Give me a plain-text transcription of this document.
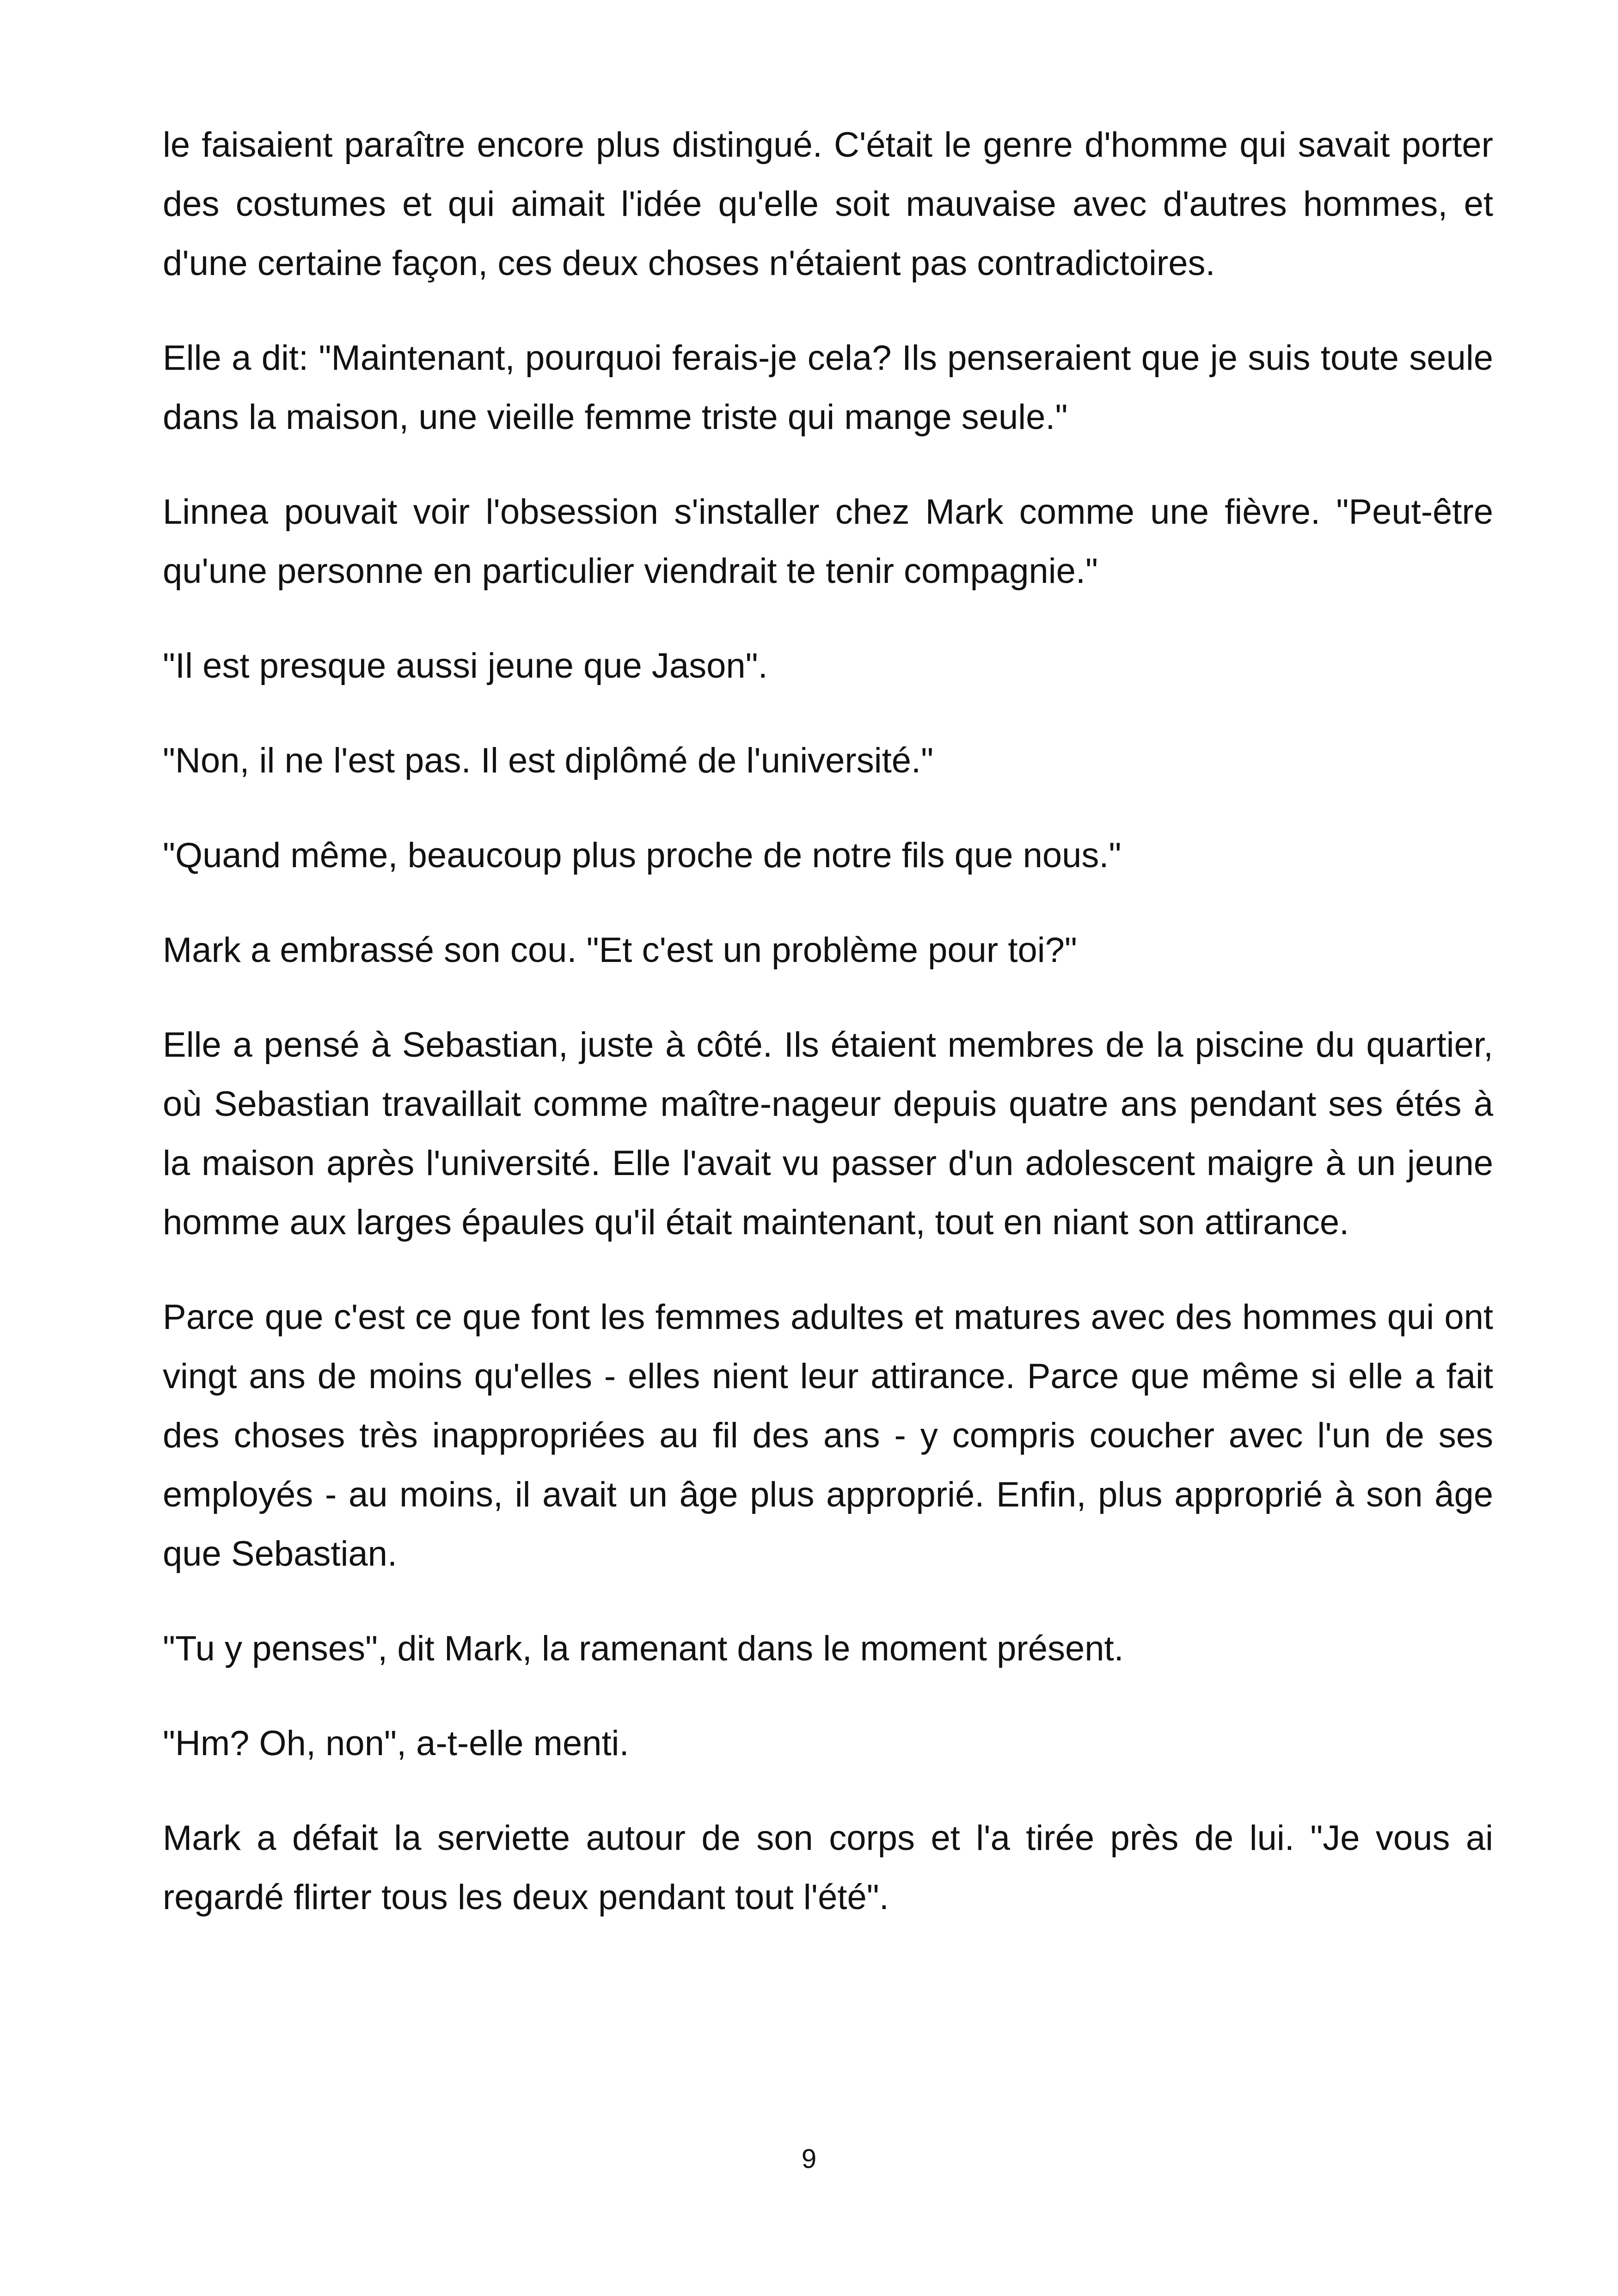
le faisaient paraître encore plus distingué. C'était le genre d'homme qui savait porter des costumes et qui aimait l'idée qu'elle soit mauvaise avec d'autres hommes, et d'une certaine façon, ces deux choses n'étaient pas contradictoires.

Elle a dit: "Maintenant, pourquoi ferais-je cela? Ils penseraient que je suis toute seule dans la maison, une vieille femme triste qui mange seule."

Linnea pouvait voir l'obsession s'installer chez Mark comme une fièvre. "Peut-être qu'une personne en particulier viendrait te tenir compagnie."

"Il est presque aussi jeune que Jason".

"Non, il ne l'est pas. Il est diplômé de l'université."

"Quand même, beaucoup plus proche de notre fils que nous."

Mark a embrassé son cou. "Et c'est un problème pour toi?"

Elle a pensé à Sebastian, juste à côté. Ils étaient membres de la piscine du quartier, où Sebastian travaillait comme maître-nageur depuis quatre ans pendant ses étés à la maison après l'université. Elle l'avait vu passer d'un adolescent maigre à un jeune homme aux larges épaules qu'il était maintenant, tout en niant son attirance.

Parce que c'est ce que font les femmes adultes et matures avec des hommes qui ont vingt ans de moins qu'elles - elles nient leur attirance. Parce que même si elle a fait des choses très inappropriées au fil des ans - y compris coucher avec l'un de ses employés - au moins, il avait un âge plus approprié. Enfin, plus approprié à son âge que Sebastian.

"Tu y penses", dit Mark, la ramenant dans le moment présent.

"Hm? Oh, non", a-t-elle menti.

Mark a défait la serviette autour de son corps et l'a tirée près de lui. "Je vous ai regardé flirter tous les deux pendant tout l'été".

9
